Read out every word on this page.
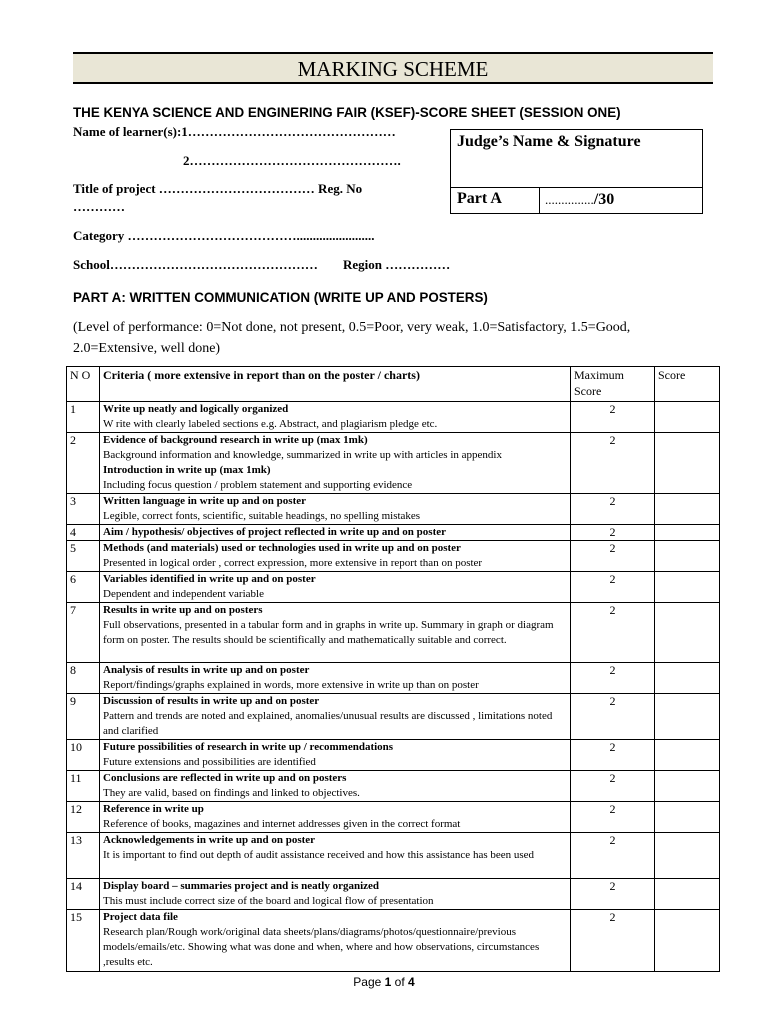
MARKING SCHEME
THE KENYA SCIENCE AND ENGINERING FAIR (KSEF)-SCORE SHEET (SESSION ONE)
Name of learner(s):1…………………………………………
2………………………………………….
Title of project ……………………………… Reg. No
…………
Category …………………………………........................
School………………………………………… Region ……………
Judge’s Name & Signature
Part A	.............../30
PART A: WRITTEN COMMUNICATION (WRITE UP AND POSTERS)
(Level of performance: 0=Not done, not present, 0.5=Poor, very weak, 1.0=Satisfactory, 1.5=Good, 2.0=Extensive, well done)
N O	Criteria ( more extensive in report than on the poster / charts)	Maximum Score	Score
1	Write up neatly and logically organized
W rite with clearly labeled sections e.g. Abstract, and plagiarism pledge etc.	2	
2	Evidence of background research in write up (max 1mk)
Background information and knowledge, summarized in write up with articles in appendix
Introduction in write up (max 1mk)
Including focus question / problem statement and supporting evidence	2	
3	Written language in write up and on poster
Legible, correct fonts, scientific, suitable headings, no spelling mistakes	2	
4	Aim / hypothesis/ objectives of project reflected in write up and on poster	2	
5	Methods (and materials) used or technologies used in write up and on poster
Presented in logical order , correct expression, more extensive in report than on poster	2	
6	Variables identified in write up and on poster
Dependent and independent variable	2	
7	Results in write up and on posters
Full observations, presented in a tabular form and in graphs in write up. Summary in graph or diagram form on poster. The results should be scientifically and mathematically suitable and correct.	2	
8	Analysis of results in write up and on poster
Report/findings/graphs explained in words, more extensive in write up than on poster	2	
9	Discussion of results in write up and on poster
Pattern and trends are noted and explained, anomalies/unusual results are discussed , limitations noted and clarified	2	
10	Future possibilities of research in write up / recommendations
Future extensions and possibilities are identified	2	
11	Conclusions are reflected in write up and on posters
They are valid, based on findings and linked to objectives.	2	
12	Reference in write up
Reference of books, magazines and internet addresses given in the correct format	2	
13	Acknowledgements in write up and on poster
It is important to find out depth of audit assistance received and how this assistance has been used	2	
14	Display board – summaries project and is neatly organized
This must include correct size of the board and logical flow of presentation	2	
15	Project data file
Research plan/Rough work/original data sheets/plans/diagrams/photos/questionnaire/previous models/emails/etc. Showing what was done and when, where and how observations, circumstances ,results etc.	2	
Page 1 of 4
